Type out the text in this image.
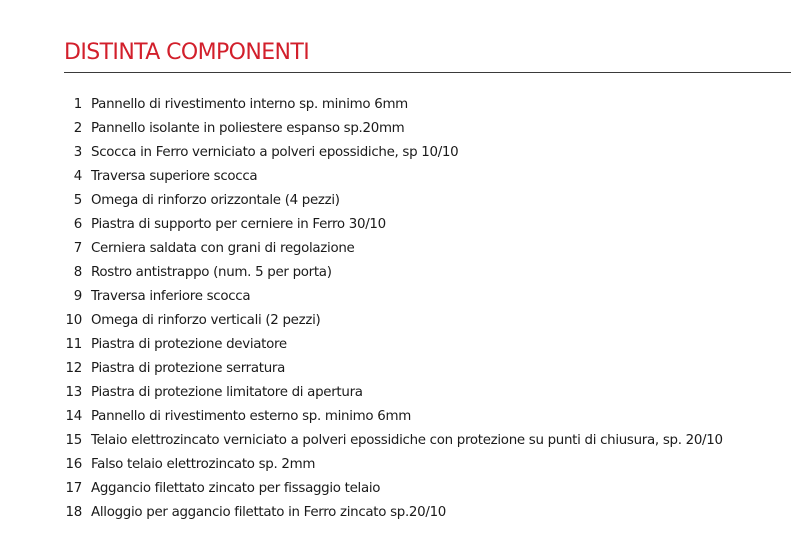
DISTINTA COMPONENTI
1 Pannello di rivestimento interno sp. minimo 6mm
2 Pannello isolante in poliestere espanso sp.20mm
3 Scocca in Ferro verniciato a polveri epossidiche, sp 10/10
4 Traversa superiore scocca
5 Omega di rinforzo orizzontale (4 pezzi)
6 Piastra di supporto per cerniere in Ferro 30/10
7 Cerniera saldata con grani di regolazione
8 Rostro antistrappo (num. 5 per porta)
9 Traversa inferiore scocca
10 Omega di rinforzo verticali (2 pezzi)
11 Piastra di protezione deviatore
12 Piastra di protezione serratura
13 Piastra di protezione limitatore di apertura
14 Pannello di rivestimento esterno sp. minimo 6mm
15 Telaio elettrozincato verniciato a polveri epossidiche con protezione su punti di chiusura, sp. 20/10
16 Falso telaio elettrozincato sp. 2mm
17 Aggancio filettato zincato per fissaggio telaio
18 Alloggio per aggancio filettato in Ferro zincato sp.20/10
